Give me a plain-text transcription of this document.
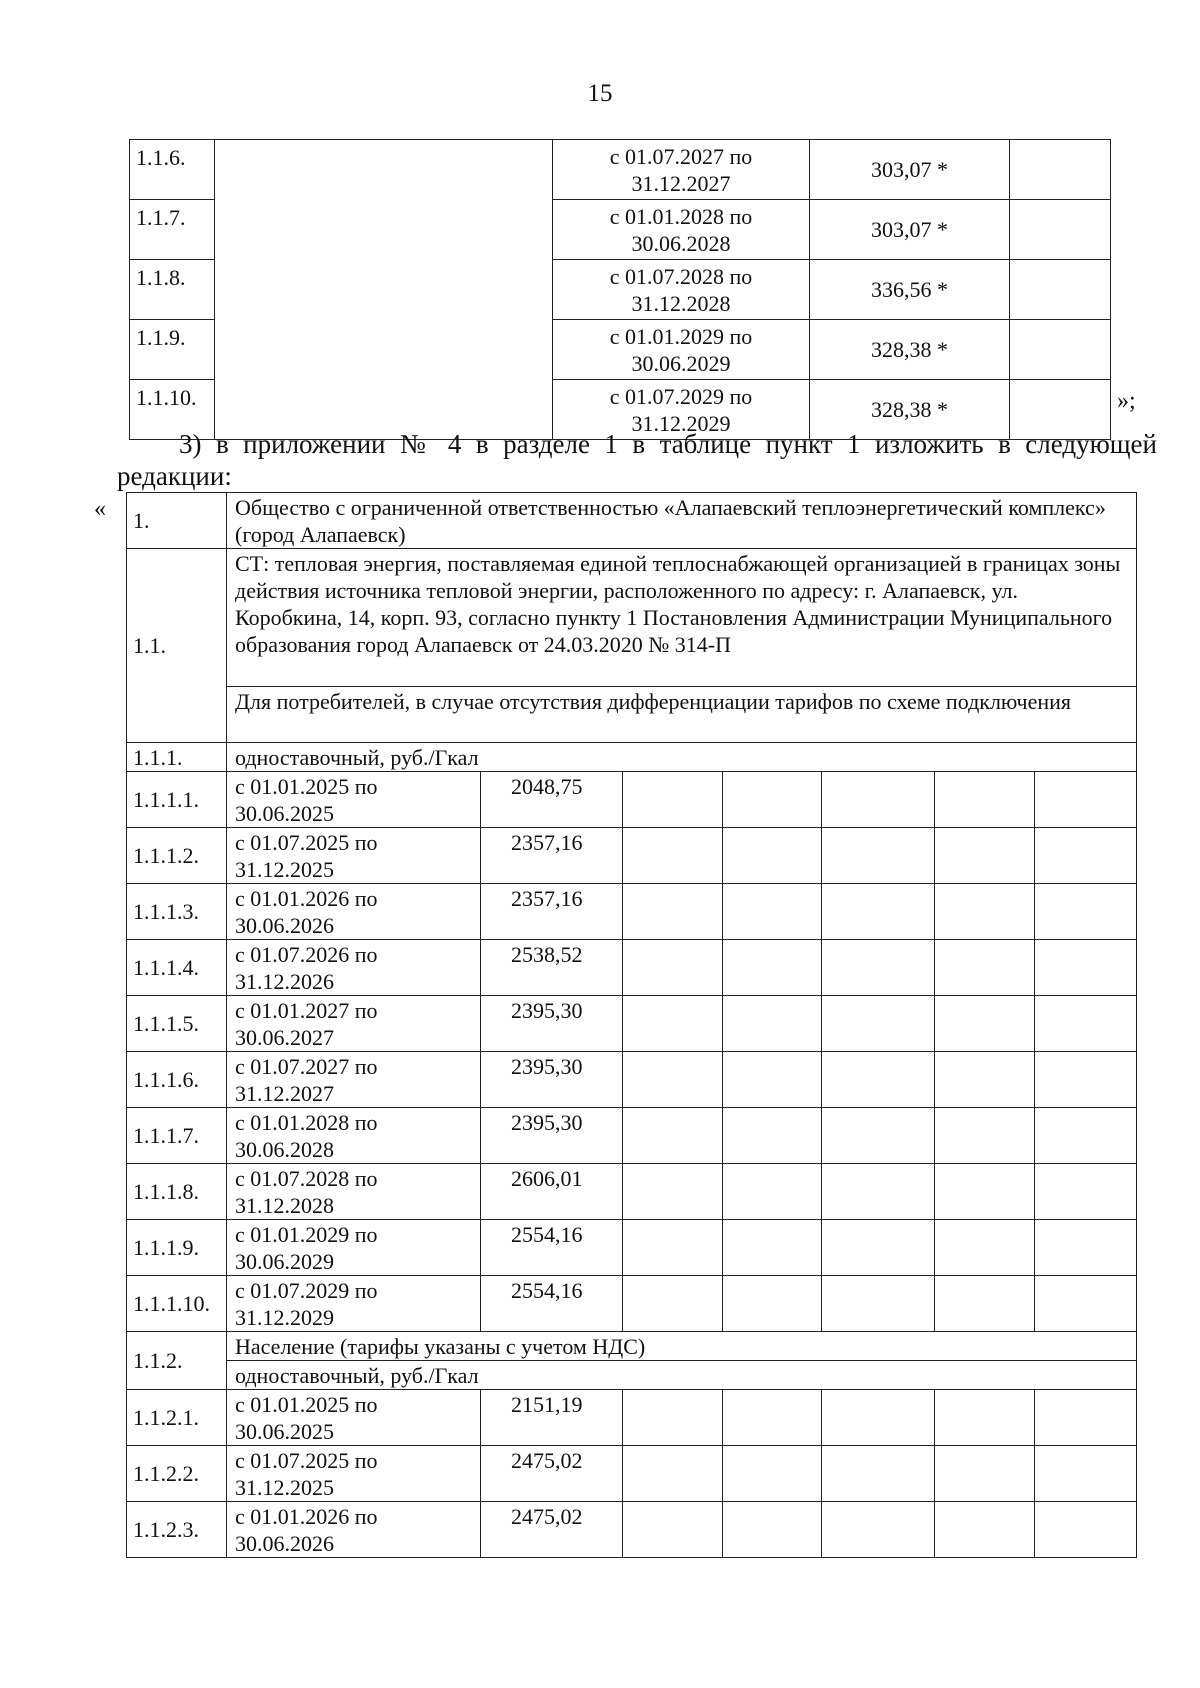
15
1.1.6.		с 01.07.2027 по
31.12.2027	303,07 *	
1.1.7.		с 01.01.2028 по
30.06.2028	303,07 *	
1.1.8.		с 01.07.2028 по
31.12.2028	336,56 *	
1.1.9.		с 01.01.2029 по
30.06.2029	328,38 *	
1.1.10.		с 01.07.2029 по
31.12.2029	328,38 *		»;
3) в приложении № 4 в разделе 1 в таблице пункт 1 изложить в следующей
редакции:
« 1.	Общество с ограниченной ответственностью «Алапаевский теплоэнергетический комплекс» (город Алапаевск)						
1.1.	СТ: тепловая энергия, поставляемая единой теплоснабжающей организацией в границах зоны действия источника тепловой энергии, расположенного по адресу: г. Алапаевск, ул. Коробкина, 14, корп. 93, согласно пункту 1 Постановления Администрации Муниципального образования город Алапаевск от 24.03.2020 № 314-П						
	Для потребителей, в случае отсутствия дифференциации тарифов по схеме подключения						
1.1.1.	одноставочный, руб./Гкал						
1.1.1.1.	с 01.01.2025 по
30.06.2025	2048,75					
1.1.1.2.	с 01.07.2025 по
31.12.2025	2357,16					
1.1.1.3.	с 01.01.2026 по
30.06.2026	2357,16					
1.1.1.4.	с 01.07.2026 по
31.12.2026	2538,52					
1.1.1.5.	с 01.01.2027 по
30.06.2027	2395,30					
1.1.1.6.	с 01.07.2027 по
31.12.2027	2395,30					
1.1.1.7.	с 01.01.2028 по
30.06.2028	2395,30					
1.1.1.8.	с 01.07.2028 по
31.12.2028	2606,01					
1.1.1.9.	с 01.01.2029 по
30.06.2029	2554,16					
1.1.1.10.	с 01.07.2029 по
31.12.2029	2554,16					
1.1.2.	Население (тарифы указаны с учетом НДС)						
	одноставочный, руб./Гкал						
1.1.2.1.	с 01.01.2025 по
30.06.2025	2151,19					
1.1.2.2.	с 01.07.2025 по
31.12.2025	2475,02					
1.1.2.3.	с 01.01.2026 по
30.06.2026	2475,02					
